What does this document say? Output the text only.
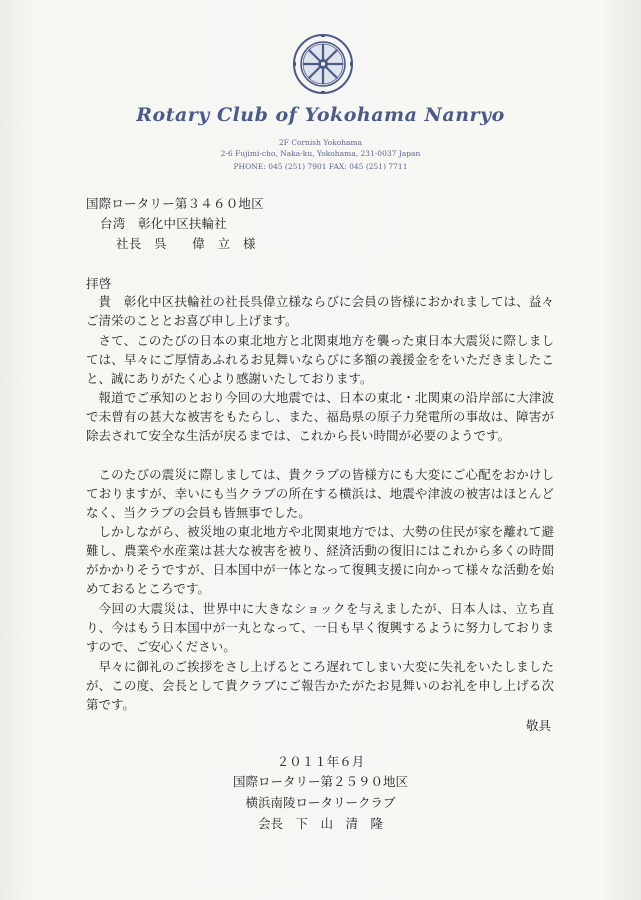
Rotary Club of Yokohama Nanryo
2F Cornish Yokohama
2-6 Fujimi-cho, Naka-ku, Yokohama, 231-0037 Japan
PHONE: 045 (251) 7901 FAX: 045 (251) 7711
国際ロータリー第３４６０地区
台湾　彰化中区扶輪社
社長　呉　　偉　立　様
拝啓
貴　彰化中区扶輪社の社長呉偉立様ならびに会員の皆様におかれましては、益々ご清栄のこととお喜び申し上げます。
さて、このたびの日本の東北地方と北関東地方を襲った東日本大震災に際しましては、早々にご厚情あふれるお見舞いならびに多額の義援金ををいただきましたこと、誠にありがたく心より感謝いたしております。
報道でご承知のとおり今回の大地震では、日本の東北・北関東の沿岸部に大津波で未曾有の甚大な被害をもたらし、また、福島県の原子力発電所の事故は、障害が除去されて安全な生活が戻るまでは、これから長い時間が必要のようです。
このたびの震災に際しましては、貴クラブの皆様方にも大変にご心配をおかけしておりますが、幸いにも当クラブの所在する横浜は、地震や津波の被害はほとんどなく、当クラブの会員も皆無事でした。
しかしながら、被災地の東北地方や北関東地方では、大勢の住民が家を離れて避難し、農業や水産業は甚大な被害を被り、経済活動の復旧にはこれから多くの時間がかかりそうですが、日本国中が一体となって復興支援に向かって様々な活動を始めておるところです。
今回の大震災は、世界中に大きなショックを与えましたが、日本人は、立ち直り、今はもう日本国中が一丸となって、一日も早く復興するように努力しておりますので、ご安心ください。
早々に御礼のご挨拶をさし上げるところ遅れてしまい大変に失礼をいたしましたが、この度、会長として貴クラブにご報告かたがたお見舞いのお礼を申し上げる次第です。
敬具
２０１１年６月
国際ロータリー第２５９０地区
横浜南陵ロータリークラブ
会長　下　山　清　隆
